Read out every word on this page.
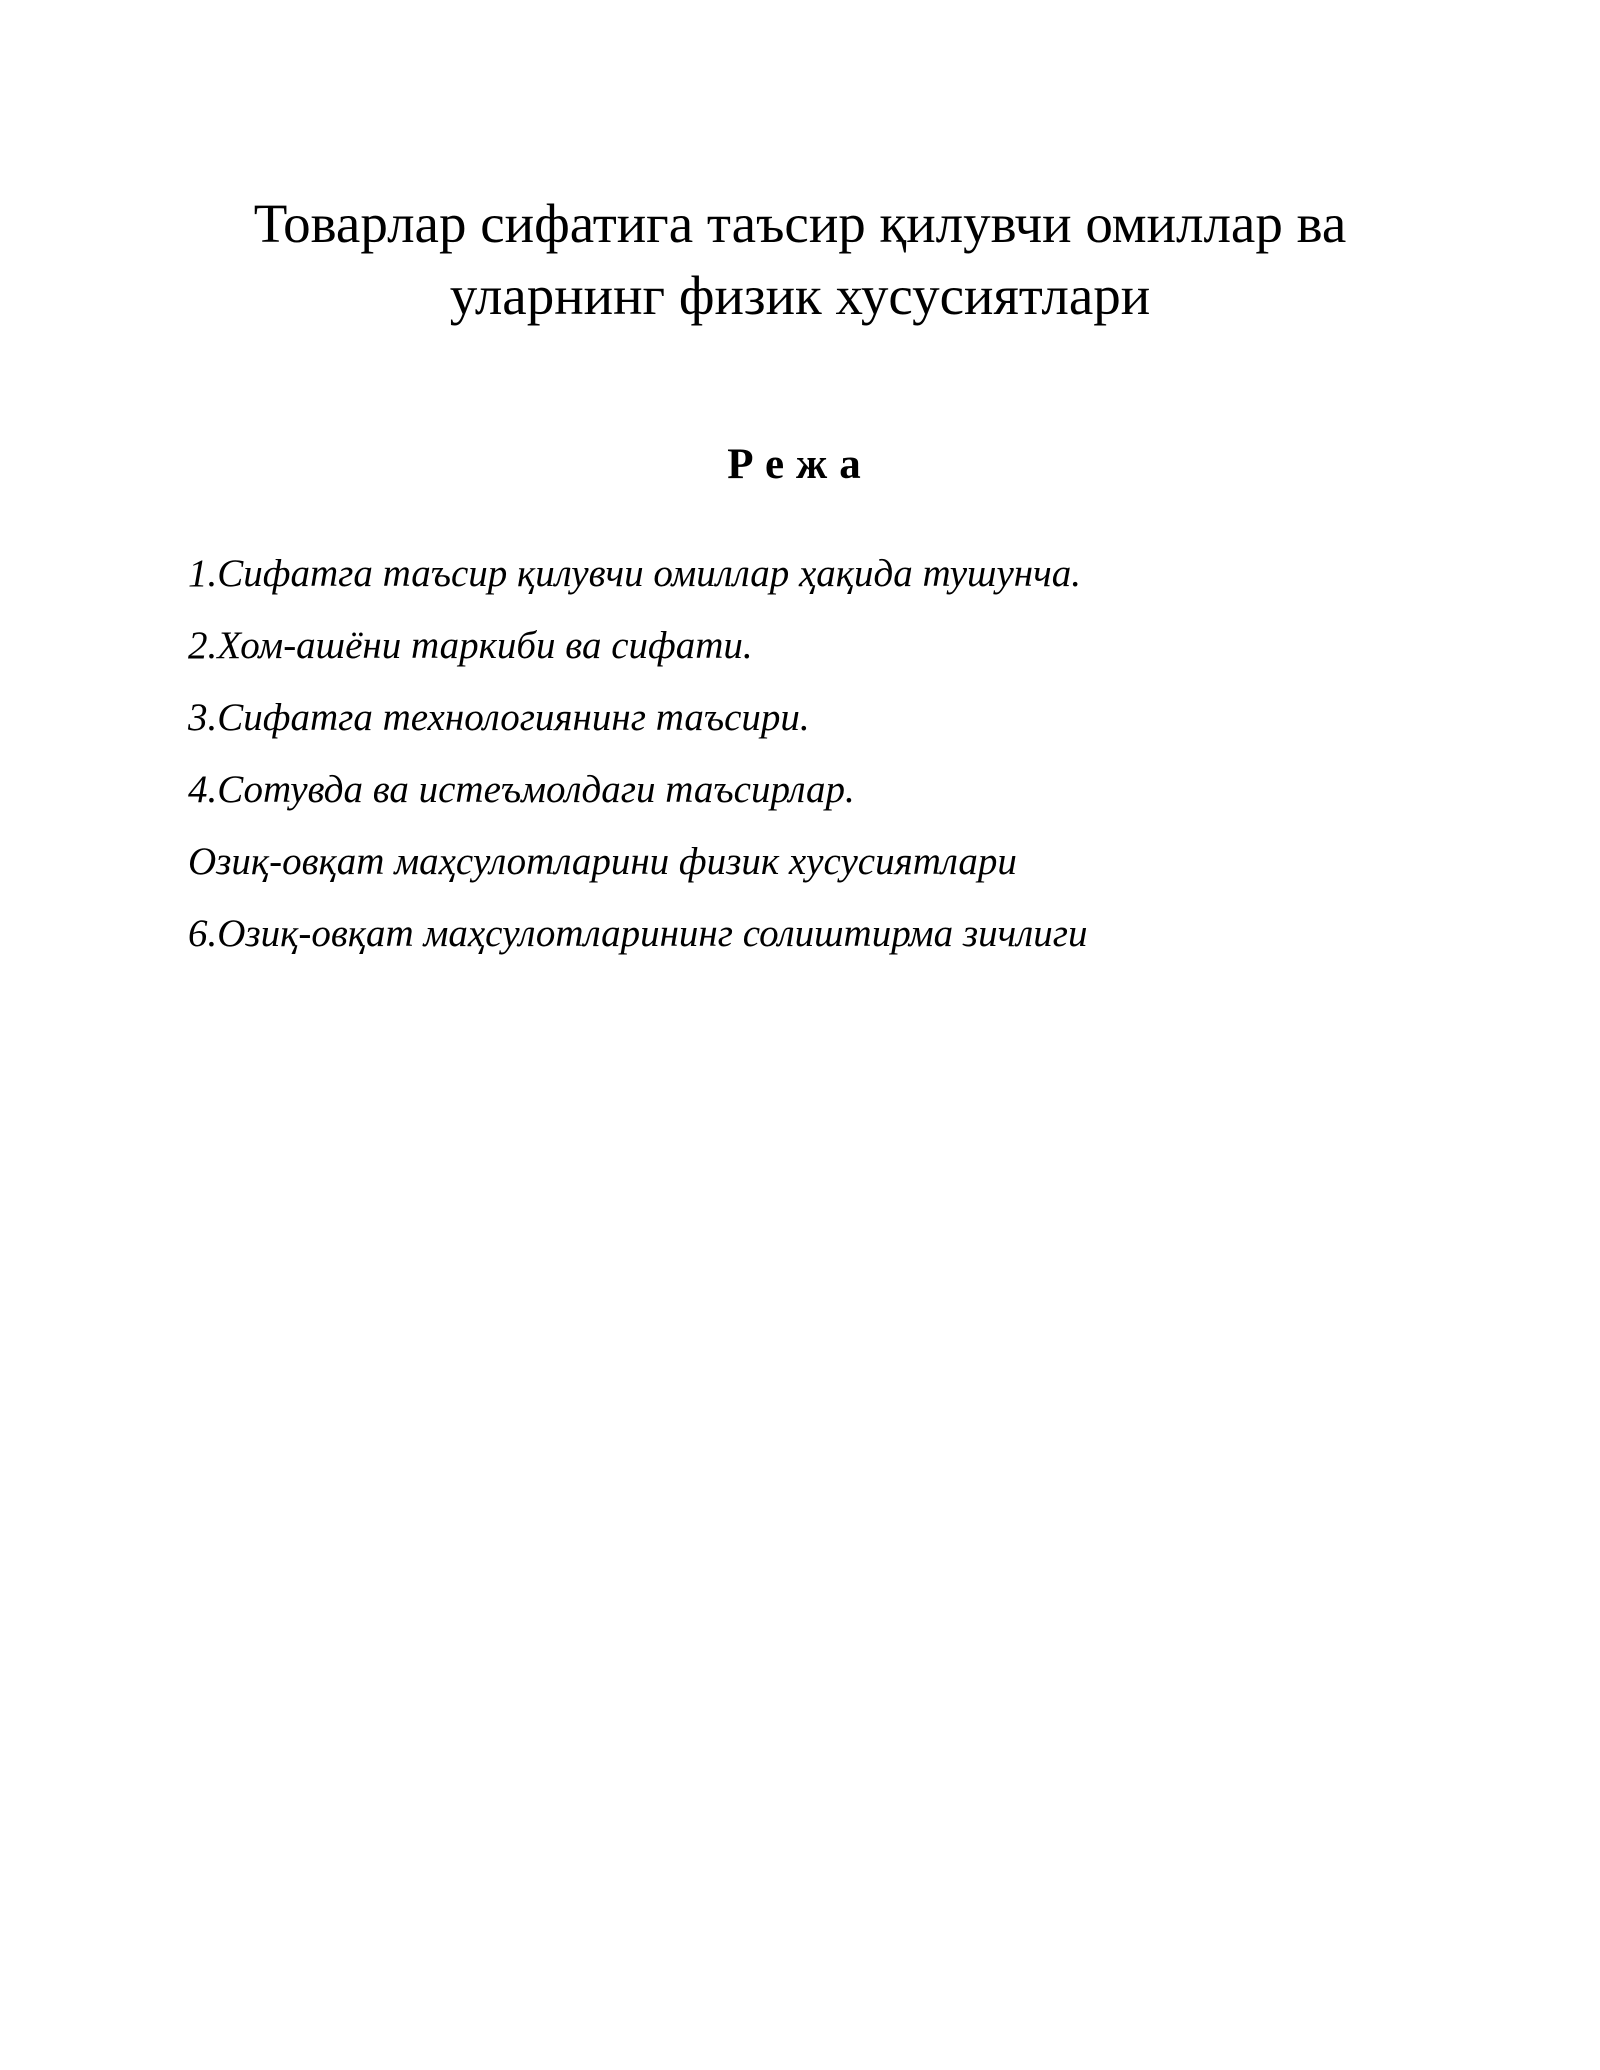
Товарлар сифатига таъсир қилувчи омиллар ва
уларнинг физик хусусиятлари
Режа
1.Сифатга таъсир қилувчи омиллар ҳақида тушунча.
2.Хом-ашёни таркиби ва сифати.
3.Сифатга технологиянинг таъсири.
4.Сотувда ва истеъмолдаги таъсирлар.
Озиқ-овқат маҳсулотларини физик хусусиятлари
6.Озиқ-овқат маҳсулотларининг солиштирма зичлиги
